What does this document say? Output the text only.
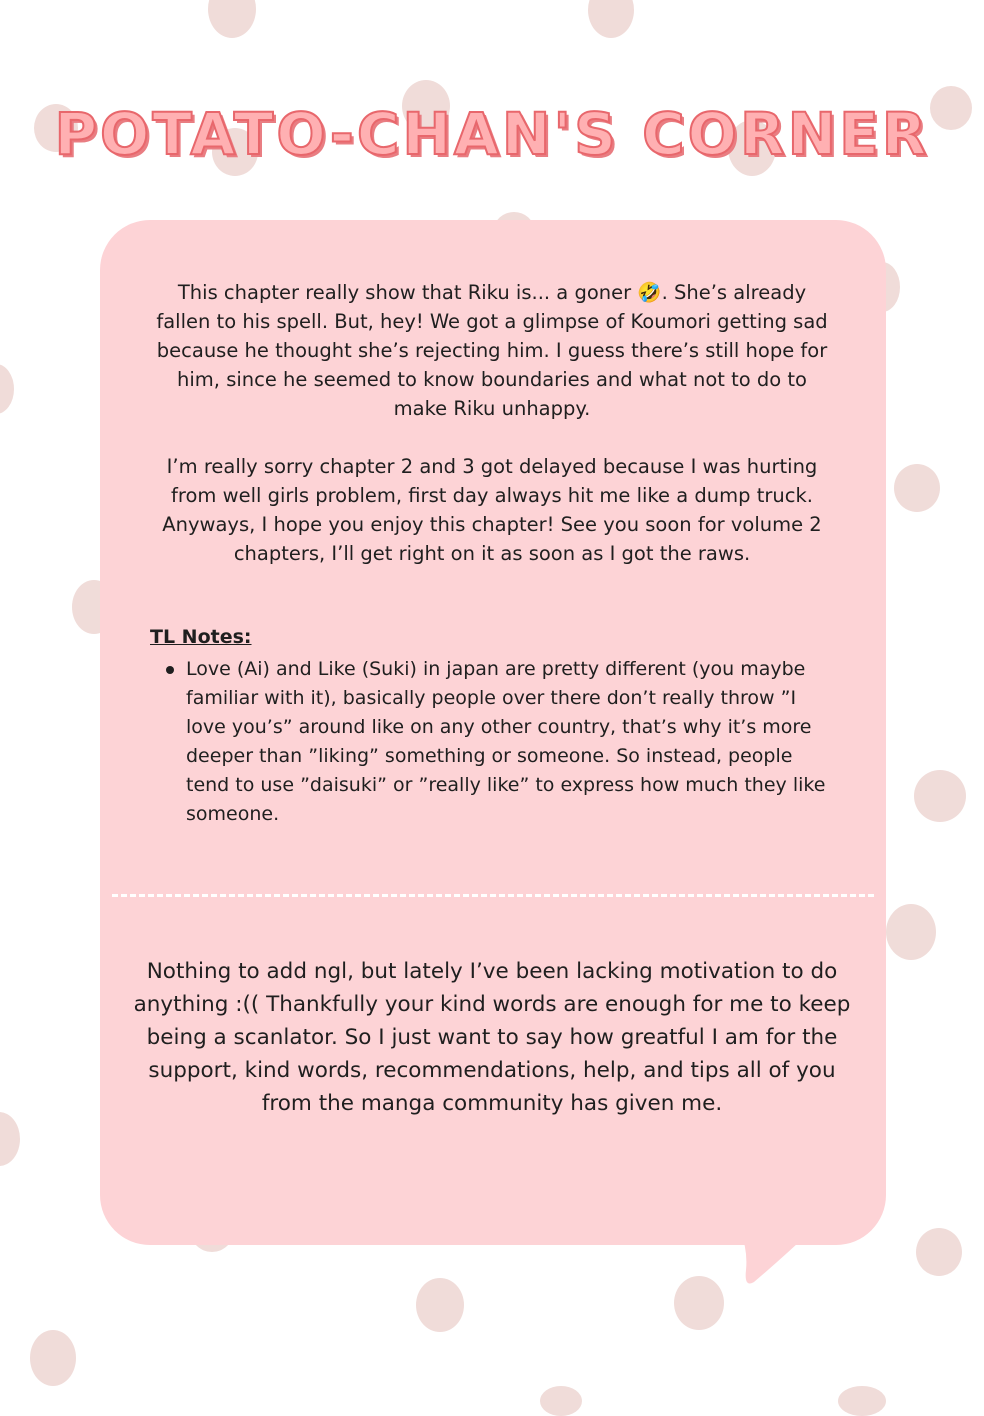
POTATO-CHAN'S CORNER

This chapter really show that Riku is... a goner 🤣. She’s already fallen to his spell. But, hey! We got a glimpse of Koumori getting sad because he thought she’s rejecting him. I guess there’s still hope for him, since he seemed to know boundaries and what not to do to make Riku unhappy.

I’m really sorry chapter 2 and 3 got delayed because I was hurting from well girls problem, first day always hit me like a dump truck. Anyways, I hope you enjoy this chapter! See you soon for volume 2 chapters, I’ll get right on it as soon as I got the raws.

TL Notes:

Love (Ai) and Like (Suki) in japan are pretty different (you maybe familiar with it), basically people over there don’t really throw ”I love you’s” around like on any other country, that’s why it’s more deeper than ”liking” something or someone. So instead, people tend to use ”daisuki” or ”really like” to express how much they like someone.

Nothing to add ngl, but lately I’ve been lacking motivation to do anything :(( Thankfully your kind words are enough for me to keep being a scanlator. So I just want to say how greatful I am for the support, kind words, recommendations, help, and tips all of you from the manga community has given me.
